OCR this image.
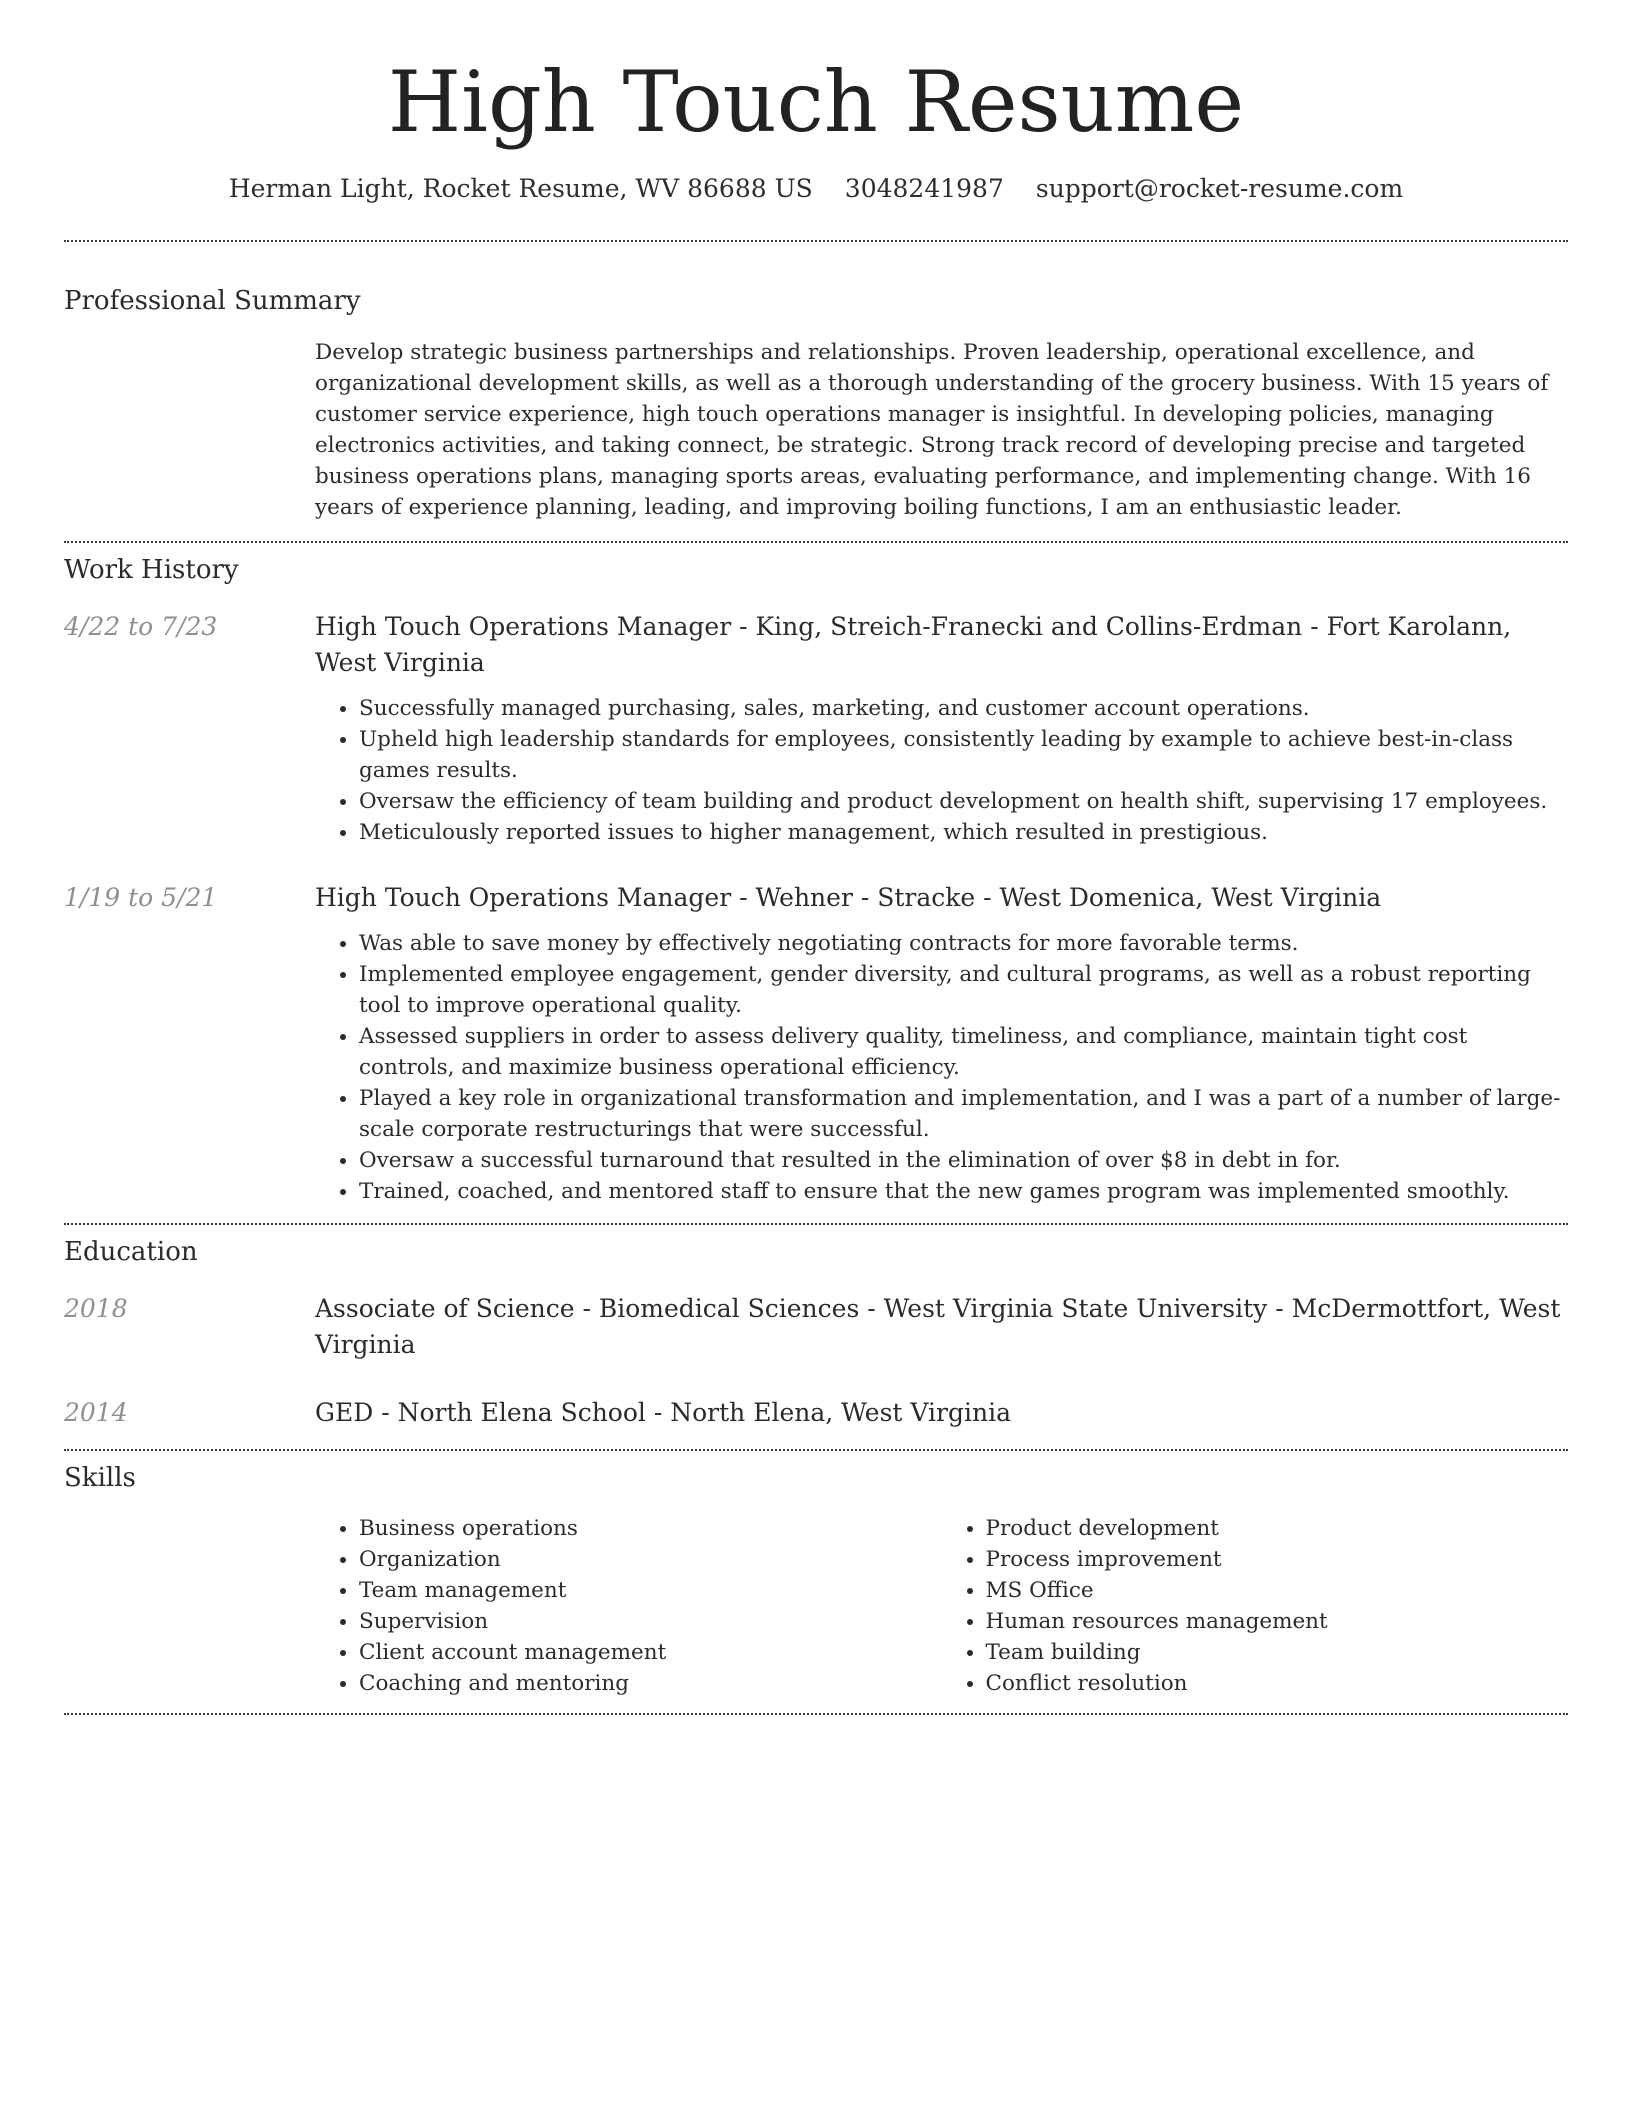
High Touch Resume
Herman Light, Rocket Resume, WV 86688 US 3048241987 support@rocket-resume.com
Professional Summary

Develop strategic business partnerships and relationships. Proven leadership, operational excellence, and organizational development skills, as well as a thorough understanding of the grocery business. With 15 years of customer service experience, high touch operations manager is insightful. In developing policies, managing electronics activities, and taking connect, be strategic. Strong track record of developing precise and targeted business operations plans, managing sports areas, evaluating performance, and implementing change. With 16 years of experience planning, leading, and improving boiling functions, I am an enthusiastic leader.

Work History
4/22 to 7/23	High Touch Operations Manager - King, Streich-Franecki and Collins-Erdman - Fort Karolann, West Virginia
• Successfully managed purchasing, sales, marketing, and customer account operations.
• Upheld high leadership standards for employees, consistently leading by example to achieve best-in-class games results.
• Oversaw the efficiency of team building and product development on health shift, supervising 17 employees.
• Meticulously reported issues to higher management, which resulted in prestigious.
1/19 to 5/21	High Touch Operations Manager - Wehner - Stracke - West Domenica, West Virginia
• Was able to save money by effectively negotiating contracts for more favorable terms.
• Implemented employee engagement, gender diversity, and cultural programs, as well as a robust reporting tool to improve operational quality.
• Assessed suppliers in order to assess delivery quality, timeliness, and compliance, maintain tight cost controls, and maximize business operational efficiency.
• Played a key role in organizational transformation and implementation, and I was a part of a number of large-scale corporate restructurings that were successful.
• Oversaw a successful turnaround that resulted in the elimination of over $8 in debt in for.
• Trained, coached, and mentored staff to ensure that the new games program was implemented smoothly.
Education
2018	Associate of Science - Biomedical Sciences - West Virginia State University - McDermottfort, West Virginia
2014	GED - North Elena School - North Elena, West Virginia
Skills
• Business operations
• Organization
• Team management
• Supervision
• Client account management
• Coaching and mentoring
• Product development
• Process improvement
• MS Office
• Human resources management
• Team building
• Conflict resolution
